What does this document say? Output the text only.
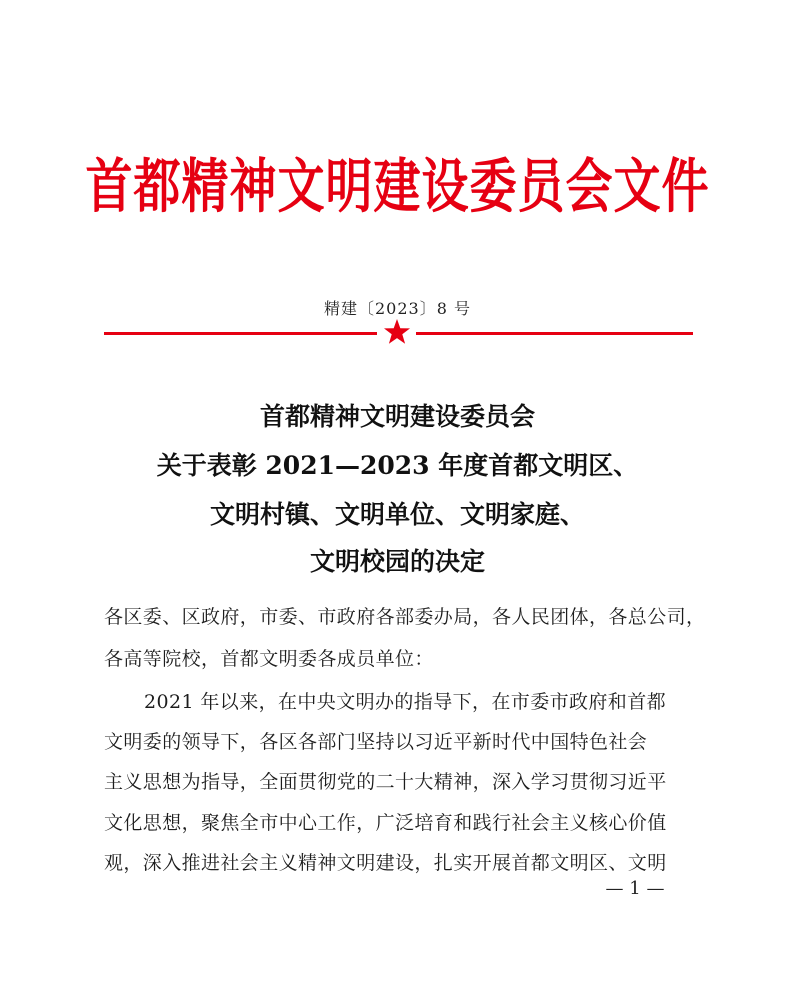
首都精神文明建设委员会文件
精建〔2023〕8 号
首都精神文明建设委员会
关于表彰 2021—2023 年度首都文明区、
文明村镇、文明单位、文明家庭、
文明校园的决定
各区委、区政府，市委、市政府各部委办局，各人民团体，各总公司，
各高等院校，首都文明委各成员单位：
2021 年以来，在中央文明办的指导下，在市委市政府和首都
文明委的领导下，各区各部门坚持以习近平新时代中国特色社会
主义思想为指导，全面贯彻党的二十大精神，深入学习贯彻习近平
文化思想，聚焦全市中心工作，广泛培育和践行社会主义核心价值
观，深入推进社会主义精神文明建设，扎实开展首都文明区、文明
— 1 —
